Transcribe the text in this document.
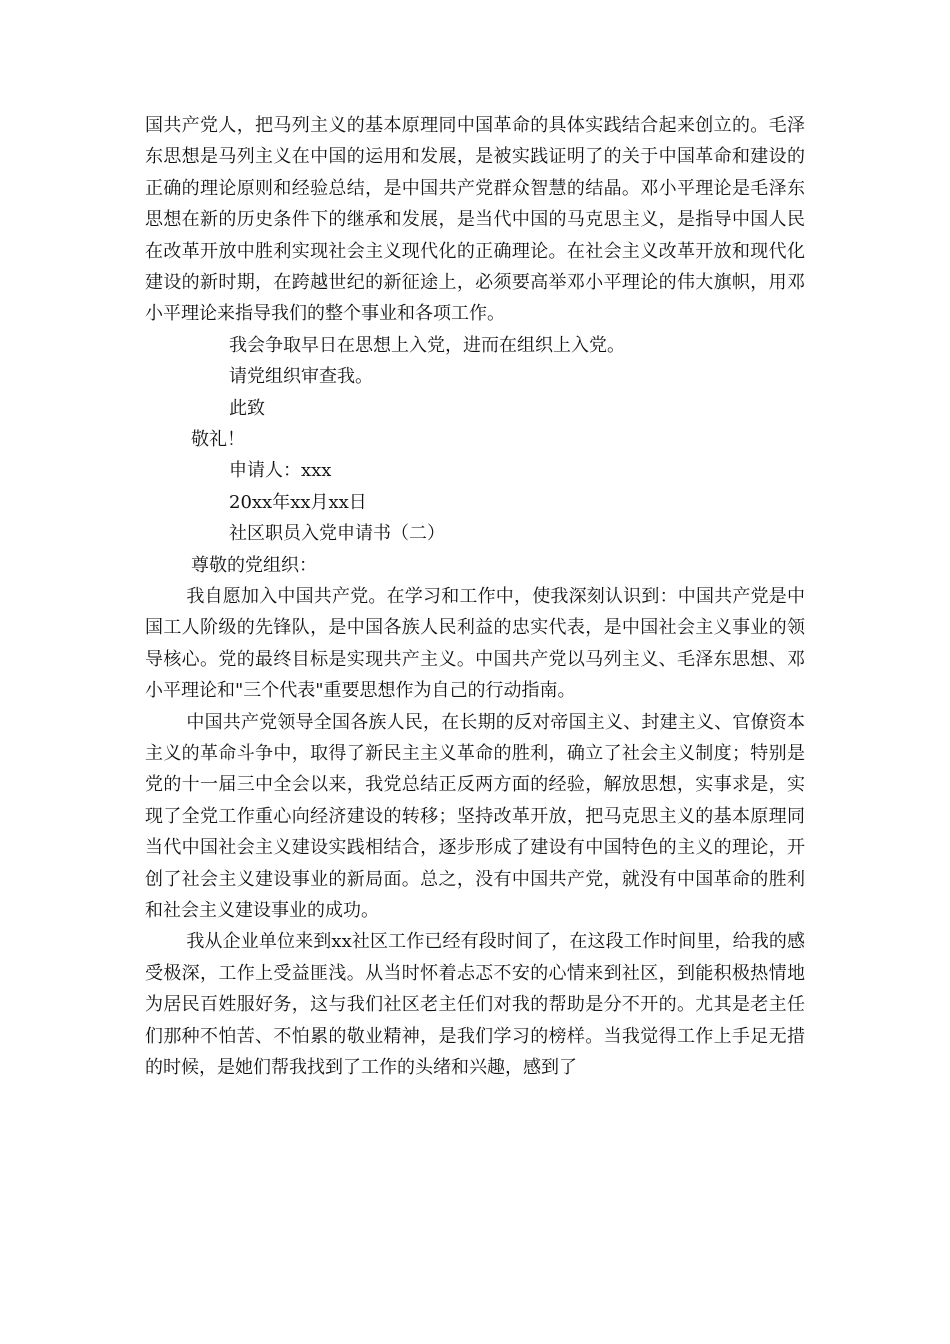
国共产党人，把马列主义的基本原理同中国革命的具体实践结合起来创立的。毛泽东思想是马列主义在中国的运用和发展，是被实践证明了的关于中国革命和建设的正确的理论原则和经验总结，是中国共产党群众智慧的结晶。邓小平理论是毛泽东思想在新的历史条件下的继承和发展，是当代中国的马克思主义，是指导中国人民在改革开放中胜利实现社会主义现代化的正确理论。在社会主义改革开放和现代化建设的新时期，在跨越世纪的新征途上，必须要高举邓小平理论的伟大旗帜，用邓小平理论来指导我们的整个事业和各项工作。

我会争取早日在思想上入党，进而在组织上入党。

请党组织审查我。

此致

敬礼！

申请人：xxx

20xx年xx月xx日

社区职员入党申请书（二）

尊敬的党组织：

我自愿加入中国共产党。在学习和工作中，使我深刻认识到：中国共产党是中国工人阶级的先锋队，是中国各族人民利益的忠实代表，是中国社会主义事业的领导核心。党的最终目标是实现共产主义。中国共产党以马列主义、毛泽东思想、邓小平理论和"三个代表"重要思想作为自己的行动指南。

中国共产党领导全国各族人民，在长期的反对帝国主义、封建主义、官僚资本主义的革命斗争中，取得了新民主主义革命的胜利，确立了社会主义制度；特别是党的十一届三中全会以来，我党总结正反两方面的经验，解放思想，实事求是，实现了全党工作重心向经济建设的转移；坚持改革开放，把马克思主义的基本原理同当代中国社会主义建设实践相结合，逐步形成了建设有中国特色的主义的理论，开创了社会主义建设事业的新局面。总之，没有中国共产党，就没有中国革命的胜利和社会主义建设事业的成功。

我从企业单位来到xx社区工作已经有段时间了，在这段工作时间里，给我的感受极深，工作上受益匪浅。从当时怀着忐忑不安的心情来到社区，到能积极热情地为居民百姓服好务，这与我们社区老主任们对我的帮助是分不开的。尤其是老主任们那种不怕苦、不怕累的敬业精神，是我们学习的榜样。当我觉得工作上手足无措的时候，是她们帮我找到了工作的头绪和兴趣，感到了
